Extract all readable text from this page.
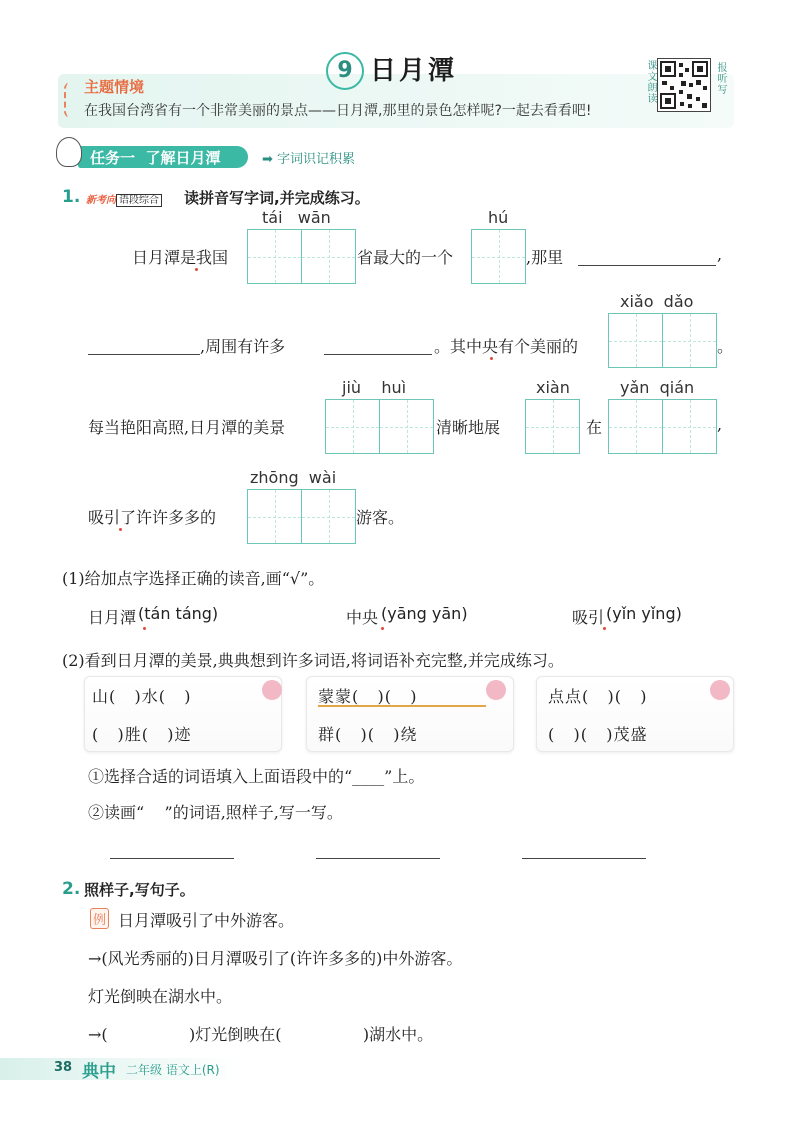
9 日月潭	课文朗读	报听写
主题情境
在我国台湾省有一个非常美丽的景点——日月潭,那里的景色怎样呢?一起去看看吧!
任务一 了解日月潭	➡ 字词识记积累
1. 新考向 语段综合 读拼音写字词,并完成练习。
tái   wān	hú
日月潭是我国	省最大的一个	,那里	,
xiǎo  dǎo
,周围有许多	。其中央有个美丽的	。
jiù    huì	xiàn	yǎn  qián
每当艳阳高照,日月潭的美景	清晰地展	在	,
zhōng  wài
吸引了许许多多的	游客。
(1)给加点字选择正确的读音,画“√”。
日月潭 (tán táng)	中央 (yāng yān)	吸引 (yǐn yǐng)
(2)看到日月潭的美景,典典想到许多词语,将词语补充完整,并完成练习。
山(   )水(   )
(   )胜(   )迹
蒙蒙(   )(   )
群(   )(   )绕
点点(   )(   )
(   )(   )茂盛
①选择合适的词语填入上面语段中的“____”上。
②读画“    ”的词语,照样子,写一写。
2. 照样子,写句子。
例 日月潭吸引了中外游客。
→(风光秀丽的)日月潭吸引了(许许多多的)中外游客。
灯光倒映在湖水中。
→(                )灯光倒映在(                )湖水中。
38 典中 二年级 语文上(R)
